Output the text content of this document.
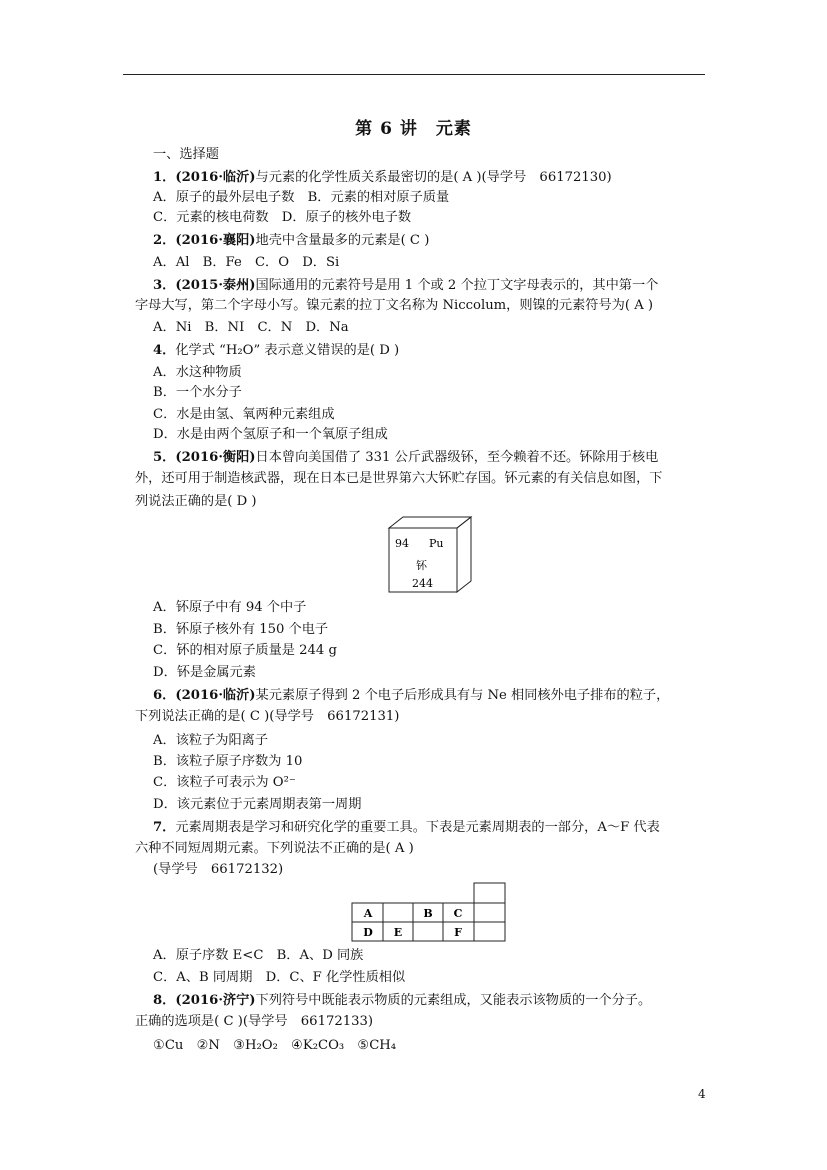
第 6 讲　元素
一、选择题
1．(2016·临沂)与元素的化学性质关系最密切的是( A )(导学号　66172130)
A．原子的最外层电子数　B．元素的相对原子质量
C．元素的核电荷数　D．原子的核外电子数
2．(2016·襄阳)地壳中含量最多的元素是( C )
A．Al　B．Fe　C．O　D．Si
3．(2015·泰州)国际通用的元素符号是用 1 个或 2 个拉丁文字母表示的，其中第一个
字母大写，第二个字母小写。镍元素的拉丁文名称为 Niccolum，则镍的元素符号为( A )
A．Ni　B．NI　C．N　D．Na
4．化学式 “H₂O” 表示意义错误的是( D )
A．水这种物质
B．一个水分子
C．水是由氢、氧两种元素组成
D．水是由两个氢原子和一个氧原子组成
5．(2016·衡阳)日本曾向美国借了 331 公斤武器级钚，至今赖着不还。钚除用于核电
外，还可用于制造核武器，现在日本已是世界第六大钚贮存国。钚元素的有关信息如图，下
列说法正确的是( D )
A．钚原子中有 94 个中子
B．钚原子核外有 150 个电子
C．钚的相对原子质量是 244 g
D．钚是金属元素
6．(2016·临沂)某元素原子得到 2 个电子后形成具有与 Ne 相同核外电子排布的粒子，
下列说法正确的是( C )(导学号　66172131)
A．该粒子为阳离子
B．该粒子原子序数为 10
C．该粒子可表示为 O²⁻
D．该元素位于元素周期表第一周期
7．元素周期表是学习和研究化学的重要工具。下表是元素周期表的一部分，A～F 代表
六种不同短周期元素。下列说法不正确的是( A )
(导学号　66172132)
A．原子序数 E<C　B．A、D 同族
C．A、B 同周期　D．C、F 化学性质相似
8．(2016·济宁)下列符号中既能表示物质的元素组成，又能表示该物质的一个分子。
正确的选项是( C )(导学号　66172133)
①Cu　②N　③H₂O₂　④K₂CO₃　⑤CH₄
94 Pu
钚
244
A	B C
D E	F
4
